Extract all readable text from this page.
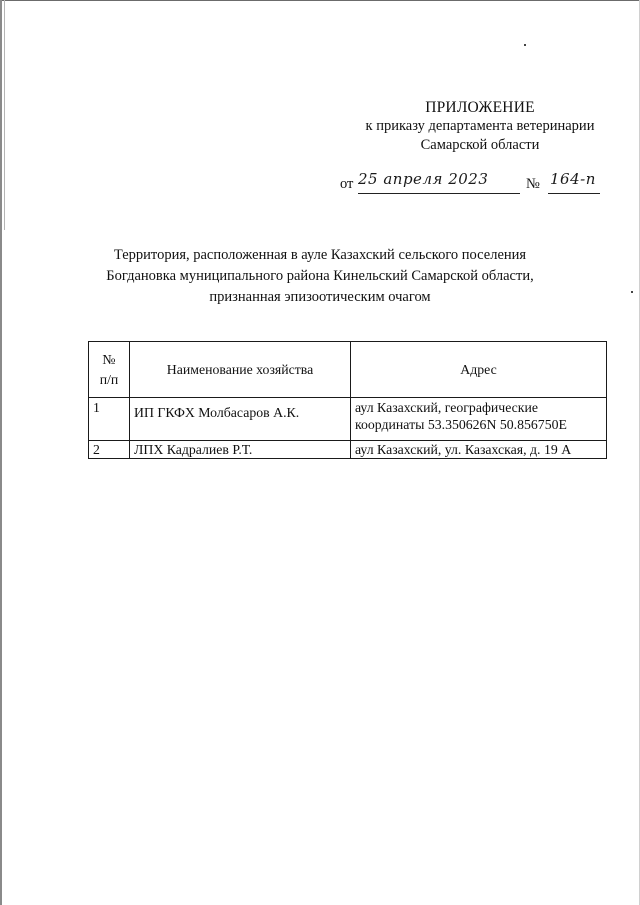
ПРИЛОЖЕНИЕ
к приказу департамента ветеринарии
Самарской области
от 25 апреля 2023	№ 164-п
Территория, расположенная в ауле Казахский сельского поселения
Богдановка муниципального района Кинельский Самарской области,
признанная эпизоотическим очагом
№
п/п	Наименование хозяйства	Адрес
1	ИП ГКФХ Молбасаров А.К.	аул Казахский, географические
координаты 53.350626N 50.856750E

2	ЛПХ Кадралиев Р.Т.	аул Казахский, ул. Казахская, д. 19 А
